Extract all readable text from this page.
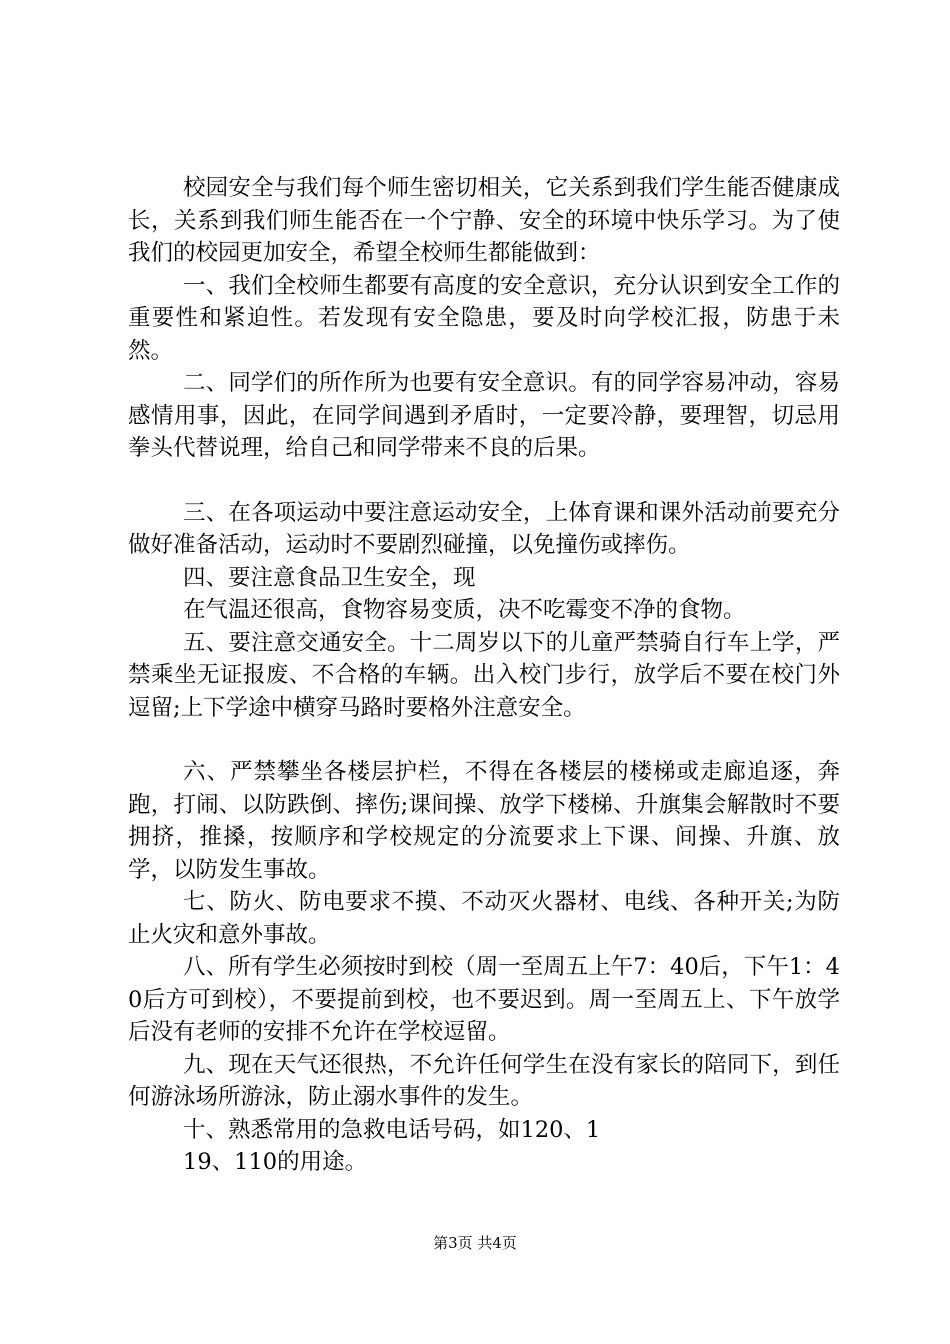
校园安全与我们每个师生密切相关，它关系到我们学生能否健康成长，关系到我们师生能否在一个宁静、安全的环境中快乐学习。为了使我们的校园更加安全，希望全校师生都能做到：

一、我们全校师生都要有高度的安全意识，充分认识到安全工作的重要性和紧迫性。若发现有安全隐患，要及时向学校汇报，防患于未然。

二、同学们的所作所为也要有安全意识。有的同学容易冲动，容易感情用事，因此，在同学间遇到矛盾时，一定要冷静，要理智，切忌用拳头代替说理，给自己和同学带来不良的后果。

三、在各项运动中要注意运动安全，上体育课和课外活动前要充分做好准备活动，运动时不要剧烈碰撞，以免撞伤或摔伤。

四、要注意食品卫生安全，现

在气温还很高，食物容易变质，决不吃霉变不净的食物。

五、要注意交通安全。十二周岁以下的儿童严禁骑自行车上学，严禁乘坐无证报废、不合格的车辆。出入校门步行，放学后不要在校门外逗留;上下学途中横穿马路时要格外注意安全。

六、严禁攀坐各楼层护栏，不得在各楼层的楼梯或走廊追逐，奔跑，打闹、以防跌倒、摔伤;课间操、放学下楼梯、升旗集会解散时不要拥挤，推搡，按顺序和学校规定的分流要求上下课、间操、升旗、放学，以防发生事故。

七、防火、防电要求不摸、不动灭火器材、电线、各种开关;为防止火灾和意外事故。

八、所有学生必须按时到校（周一至周五上午7：40后，下午1：40后方可到校），不要提前到校，也不要迟到。周一至周五上、下午放学后没有老师的安排不允许在学校逗留。

九、现在天气还很热，不允许任何学生在没有家长的陪同下，到任何游泳场所游泳，防止溺水事件的发生。

十、熟悉常用的急救电话号码，如120、1

19、110的用途。

第3页 共4页
